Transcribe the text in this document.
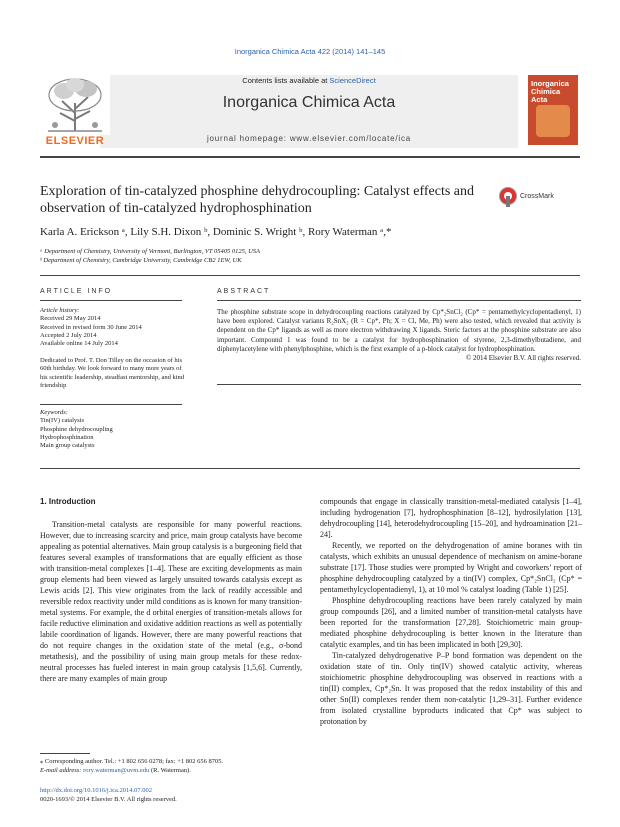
Inorganica Chimica Acta 422 (2014) 141–145
ELSEVIER
Contents lists available at ScienceDirect
Inorganica Chimica Acta
journal homepage: www.elsevier.com/locate/ica
Inorganica
Chimica Acta
Exploration of tin-catalyzed phosphine dehydrocoupling: Catalyst effects and observation of tin-catalyzed hydrophosphination
CrossMark
Karla A. Erickson ᵃ, Lily S.H. Dixon ᵇ, Dominic S. Wright ᵇ, Rory Waterman ᵃ,*
ᵃ Department of Chemistry, University of Vermont, Burlington, VT 05405 0125, USA
ᵇ Department of Chemistry, Cambridge University, Cambridge CB2 1EW, UK
ARTICLE INFO
Article history:
Received 29 May 2014
Received in revised form 30 June 2014
Accepted 2 July 2014
Available online 14 July 2014
Dedicated to Prof. T. Don Tilley on the occasion of his 60th birthday. We look forward to many more years of his scientific leadership, steadfast mentorship, and kind friendship
Keywords:
Tin(IV) catalysis
Phosphine dehydrocoupling
Hydrophosphination
Main group catalysts
ABSTRACT
The phosphine substrate scope in dehydrocoupling reactions catalyzed by Cp*₂SnCl₂ (Cp* = pentamethylcyclopentadienyl, 1) have been explored. Catalyst variants R₂SnX₂ (R = Cp*, Ph; X = Cl, Me, Ph) were also tested, which revealed that activity is dependent on the Cp* ligands as well as more electron withdrawing X ligands. Steric factors at the phosphine substrate are also important. Compound 1 was found to be a catalyst for hydrophosphination of styrene, 2,3-dimethylbutadiene, and diphenylacetylene with phenylphosphine, which is the first example of a p-block catalyst for hydrophosphination.
© 2014 Elsevier B.V. All rights reserved.
1. Introduction

Transition-metal catalysts are responsible for many powerful reactions. However, due to increasing scarcity and price, main group catalysts have become appealing as potential alternatives. Main group catalysis is a burgeoning field that features several examples of transformations that are equally efficient as those with transition-metal complexes [1–4]. These are exciting developments as main group elements had been viewed as largely unsuited towards catalysis except as Lewis acids [2]. This view originates from the lack of readily accessible and reversible redox reactivity under mild conditions as is known for many transition-metal systems. For example, the d orbital energies of transition-metals allows for facile reductive elimination and oxidative addition reactions as well as potentially labile coordination of ligands. However, there are many powerful reactions that do not require changes in the oxidation state of the metal (e.g., σ-bond metathesis), and the possibility of using main group metals for these redox-neutral processes has fueled interest in main group catalysis [1,5,6]. Currently, there are many examples of main group

compounds that engage in classically transition-metal-mediated catalysis [1–4], including hydrogenation [7], hydrophosphination [8–12], hydrosilylation [13], dehydrocoupling [14], heterodehydrocoupling [15–20], and hydroamination [21–24].

Recently, we reported on the dehydrogenation of amine boranes with tin catalysts, which exhibits an unusual dependence of mechanism on amine-borane substrate [17]. Those studies were prompted by Wright and coworkers’ report of phosphine dehydrocoupling catalyzed by a tin(IV) complex, Cp*₂SnCl₂ (Cp* = pentamethylcyclopentadienyl, 1), at 10 mol % catalyst loading (Table 1) [25].

Phosphine dehydrocoupling reactions have been rarely catalyzed by main group compounds [26], and a limited number of transition-metal catalysts have been reported for the transformation [27,28]. Stoichiometric main group-mediated phosphine dehydrocoupling is better known in the literature than catalytic examples, and tin has been implicated in both [29,30].

Tin-catalyzed dehydrogenative P–P bond formation was dependent on the oxidation state of tin. Only tin(IV) showed catalytic activity, whereas stoichiometric phosphine dehydrocoupling was observed in reactions with a tin(II) complex, Cp*₂Sn. It was proposed that the redox instability of this and other Sn(II) complexes render them non-catalytic [1,29–31]. Further evidence from isolated crystalline byproducts indicated that Cp* was subject to protonation by

⁎ Corresponding author. Tel.: +1 802 656 0278; fax: +1 802 656 8705.
E-mail address: rory.waterman@uvm.edu (R. Waterman).
http://dx.doi.org/10.1016/j.ica.2014.07.002
0020-1693/© 2014 Elsevier B.V. All rights reserved.
